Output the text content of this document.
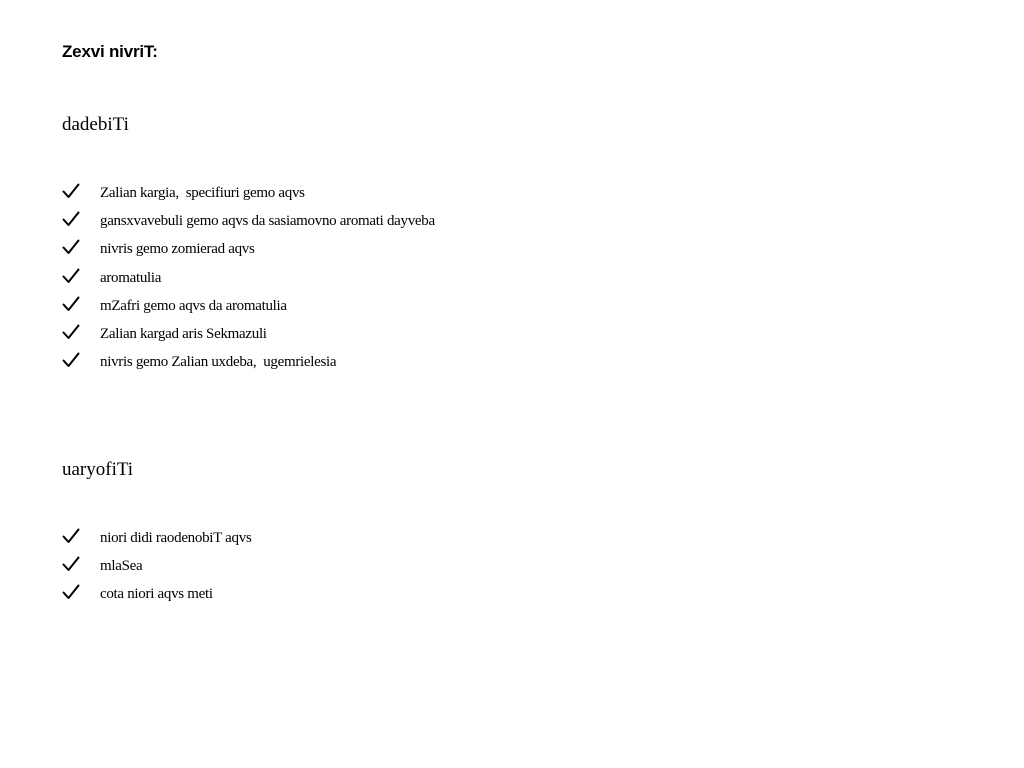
Zexvi nivriT:
dadebiTi
Zalian kargia,  specifiuri gemo aqvs
gansxvavebuli gemo aqvs da sasiamovno aromati dayveba
nivris gemo zomierad aqvs
aromatulia
mZafri gemo aqvs da aromatulia
Zalian kargad aris Sekmazuli
nivris gemo Zalian uxdeba,  ugemrielesia
uaryofiTi
niori didi raodenobiT aqvs
mlaSea
cota niori aqvs meti
